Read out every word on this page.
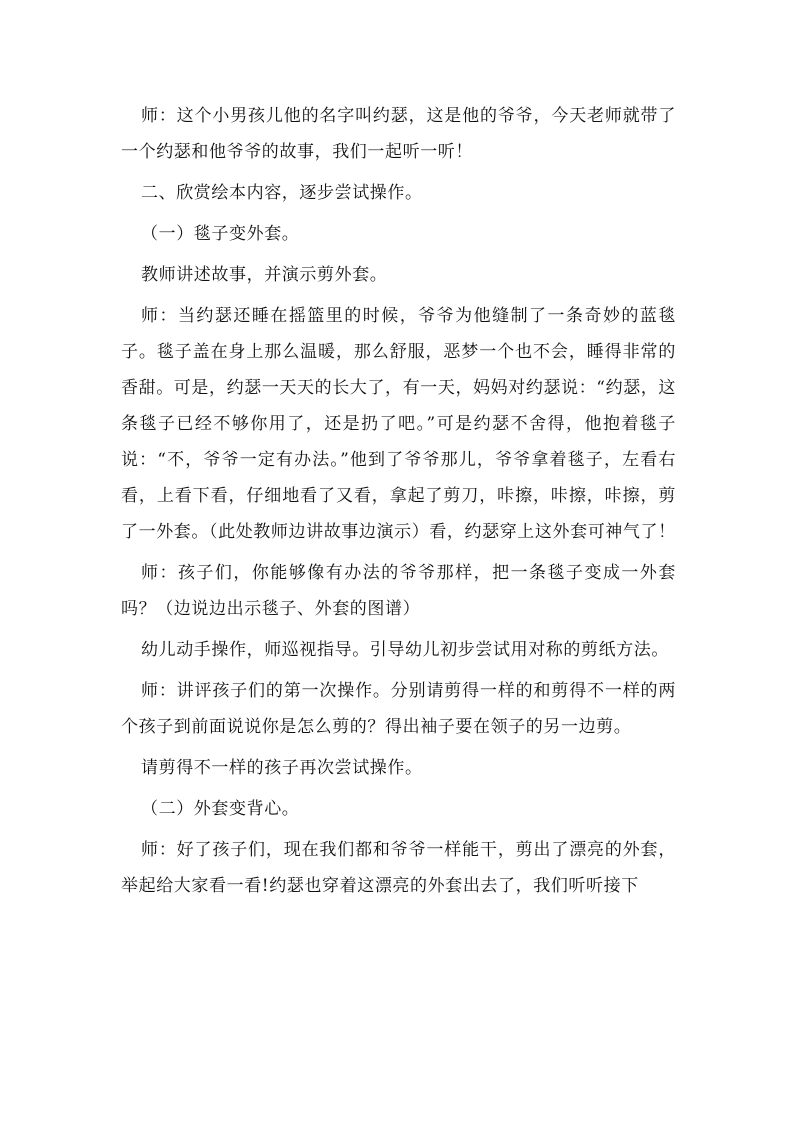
师：这个小男孩儿他的名字叫约瑟，这是他的爷爷，今天老师就带了一个约瑟和他爷爷的故事，我们一起听一听！

二、欣赏绘本内容，逐步尝试操作。

（一）毯子变外套。

教师讲述故事，并演示剪外套。

师：当约瑟还睡在摇篮里的时候，爷爷为他缝制了一条奇妙的蓝毯子。毯子盖在身上那么温暖，那么舒服，恶梦一个也不会，睡得非常的香甜。可是，约瑟一天天的长大了，有一天，妈妈对约瑟说：“约瑟，这条毯子已经不够你用了，还是扔了吧。”可是约瑟不舍得，他抱着毯子说：“不，爷爷一定有办法。”他到了爷爷那儿，爷爷拿着毯子，左看右看，上看下看，仔细地看了又看，拿起了剪刀，咔擦，咔擦，咔擦，剪了一外套。（此处教师边讲故事边演示）看，约瑟穿上这外套可神气了！

师：孩子们，你能够像有办法的爷爷那样，把一条毯子变成一外套吗？（边说边出示毯子、外套的图谱）

幼儿动手操作，师巡视指导。引导幼儿初步尝试用对称的剪纸方法。

师：讲评孩子们的第一次操作。分别请剪得一样的和剪得不一样的两个孩子到前面说说你是怎么剪的？得出袖子要在领子的另一边剪。

请剪得不一样的孩子再次尝试操作。

（二）外套变背心。

师：好了孩子们，现在我们都和爷爷一样能干，剪出了漂亮的外套，举起给大家看一看!约瑟也穿着这漂亮的外套出去了，我们听听接下
